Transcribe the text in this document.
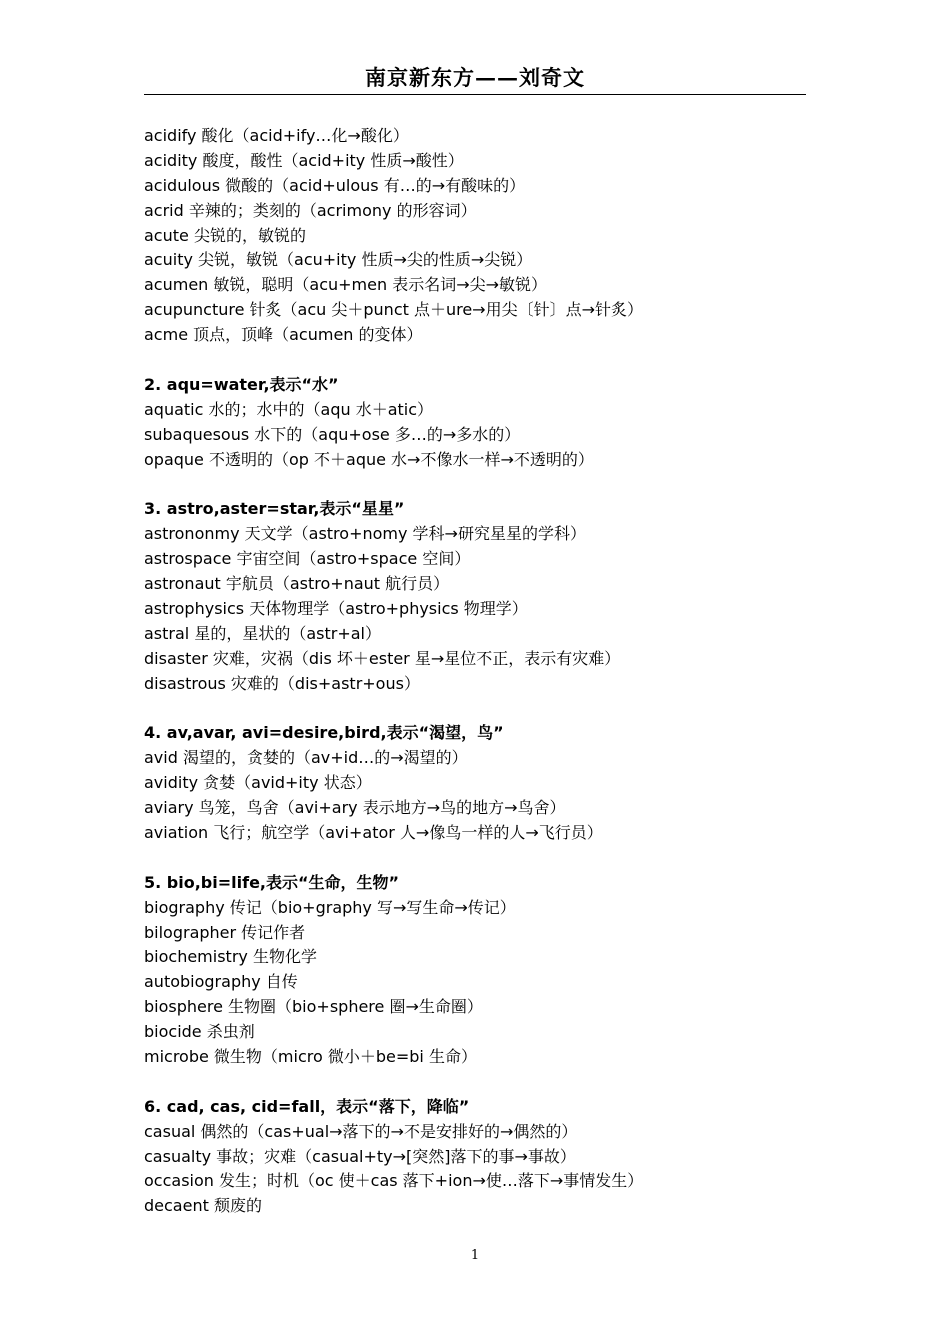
南京新东方——刘奇文
acidify 酸化（acid+ify…化→酸化）
acidity 酸度，酸性（acid+ity 性质→酸性）
acidulous 微酸的（acid+ulous 有…的→有酸味的）
acrid 辛辣的；类刻的（acrimony 的形容词）
acute 尖锐的，敏锐的
acuity 尖锐，敏锐（acu+ity 性质→尖的性质→尖锐）
acumen 敏锐，聪明（acu+men 表示名词→尖→敏锐）
acupuncture 针炙（acu 尖＋punct 点＋ure→用尖〔针〕点→针炙）
acme 顶点，顶峰（acumen 的变体）
2. aqu=water,表示“水”
aquatic 水的；水中的（aqu 水＋atic）
subaquesous 水下的（aqu+ose 多…的→多水的）
opaque 不透明的（op 不＋aque 水→不像水一样→不透明的）
3. astro,aster=star,表示“星星”
astrononmy 天文学（astro+nomy 学科→研究星星的学科）
astrospace 宇宙空间（astro+space 空间）
astronaut 宇航员（astro+naut 航行员）
astrophysics 天体物理学（astro+physics 物理学）
astral 星的，星状的（astr+al）
disaster 灾难，灾祸（dis 坏＋ester 星→星位不正，表示有灾难）
disastrous 灾难的（dis+astr+ous）
4. av,avar, avi=desire,bird,表示“渴望，鸟”
avid 渴望的，贪婪的（av+id…的→渴望的）
avidity 贪婪（avid+ity 状态）
aviary 鸟笼，鸟舍（avi+ary 表示地方→鸟的地方→鸟舍）
aviation 飞行；航空学（avi+ator 人→像鸟一样的人→飞行员）
5. bio,bi=life,表示“生命，生物”
biography 传记（bio+graphy 写→写生命→传记）
bilographer 传记作者
biochemistry 生物化学
autobiography 自传
biosphere 生物圈（bio+sphere 圈→生命圈）
biocide 杀虫剂
microbe 微生物（micro 微小＋be=bi 生命）
6. cad, cas, cid=fall，表示“落下，降临”
casual 偶然的（cas+ual→落下的→不是安排好的→偶然的）
casualty 事故；灾难（casual+ty→[突然]落下的事→事故）
occasion 发生；时机（oc 使＋cas 落下+ion→使…落下→事情发生）
decaent 颓废的
1
